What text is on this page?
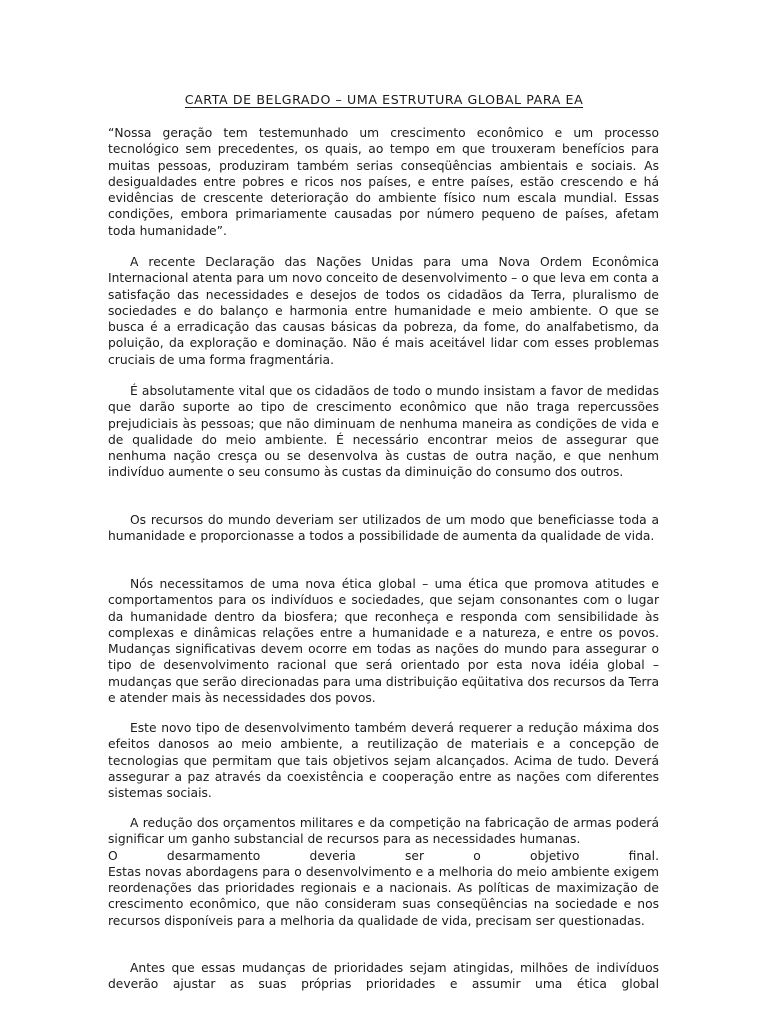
CARTA DE BELGRADO – UMA ESTRUTURA GLOBAL PARA EA

“Nossa geração tem testemunhado um crescimento econômico e um processo tecnológico sem precedentes, os quais, ao tempo em que trouxeram benefícios para muitas pessoas, produziram também serias conseqüências ambientais e sociais. As desigualdades entre pobres e ricos nos países, e entre países, estão crescendo e há evidências de crescente deterioração do ambiente físico num escala mundial. Essas condições, embora primariamente causadas por número pequeno de países, afetam toda humanidade”.

A recente Declaração das Nações Unidas para uma Nova Ordem Econômica Internacional atenta para um novo conceito de desenvolvimento – o que leva em conta a satisfação das necessidades e desejos de todos os cidadãos da Terra, pluralismo de sociedades e do balanço e harmonia entre humanidade e meio ambiente. O que se busca é a erradicação das causas básicas da pobreza, da fome, do analfabetismo, da poluição, da exploração e dominação. Não é mais aceitável lidar com esses problemas cruciais de uma forma fragmentária.

É absolutamente vital que os cidadãos de todo o mundo insistam a favor de medidas que darão suporte ao tipo de crescimento econômico que não traga repercussões prejudiciais às pessoas; que não diminuam de nenhuma maneira as condições de vida e de qualidade do meio ambiente. É necessário encontrar meios de assegurar que nenhuma nação cresça ou se desenvolva às custas de outra nação, e que nenhum indivíduo aumente o seu consumo às custas da diminuição do consumo dos outros.

Os recursos do mundo deveriam ser utilizados de um modo que beneficiasse toda a humanidade e proporcionasse a todos a possibilidade de aumenta da qualidade de vida.

Nós necessitamos de uma nova ética global – uma ética que promova atitudes e comportamentos para os indivíduos e sociedades, que sejam consonantes com o lugar da humanidade dentro da biosfera; que reconheça e responda com sensibilidade às complexas e dinâmicas relações entre a humanidade e a natureza, e entre os povos. Mudanças significativas devem ocorre em todas as nações do mundo para assegurar o tipo de desenvolvimento racional que será orientado por esta nova idéia global – mudanças que serão direcionadas para uma distribuição eqüitativa dos recursos da Terra e atender mais às necessidades dos povos.

Este novo tipo de desenvolvimento também deverá requerer a redução máxima dos efeitos danosos ao meio ambiente, a reutilização de materiais e a concepção de tecnologias que permitam que tais objetivos sejam alcançados. Acima de tudo. Deverá assegurar a paz através da coexistência e cooperação entre as nações com diferentes sistemas sociais.

A redução dos orçamentos militares e da competição na fabricação de armas poderá significar um ganho substancial de recursos para as necessidades humanas.
O desarmamento deveria ser o objetivo final.
Estas novas abordagens para o desenvolvimento e a melhoria do meio ambiente exigem reordenações das prioridades regionais e a nacionais. As políticas de maximização de crescimento econômico, que não consideram suas conseqüências na sociedade e nos recursos disponíveis para a melhoria da qualidade de vida, precisam ser questionadas.

Antes que essas mudanças de prioridades sejam atingidas, milhões de indivíduos deverão ajustar as suas próprias prioridades e assumir uma ética global
